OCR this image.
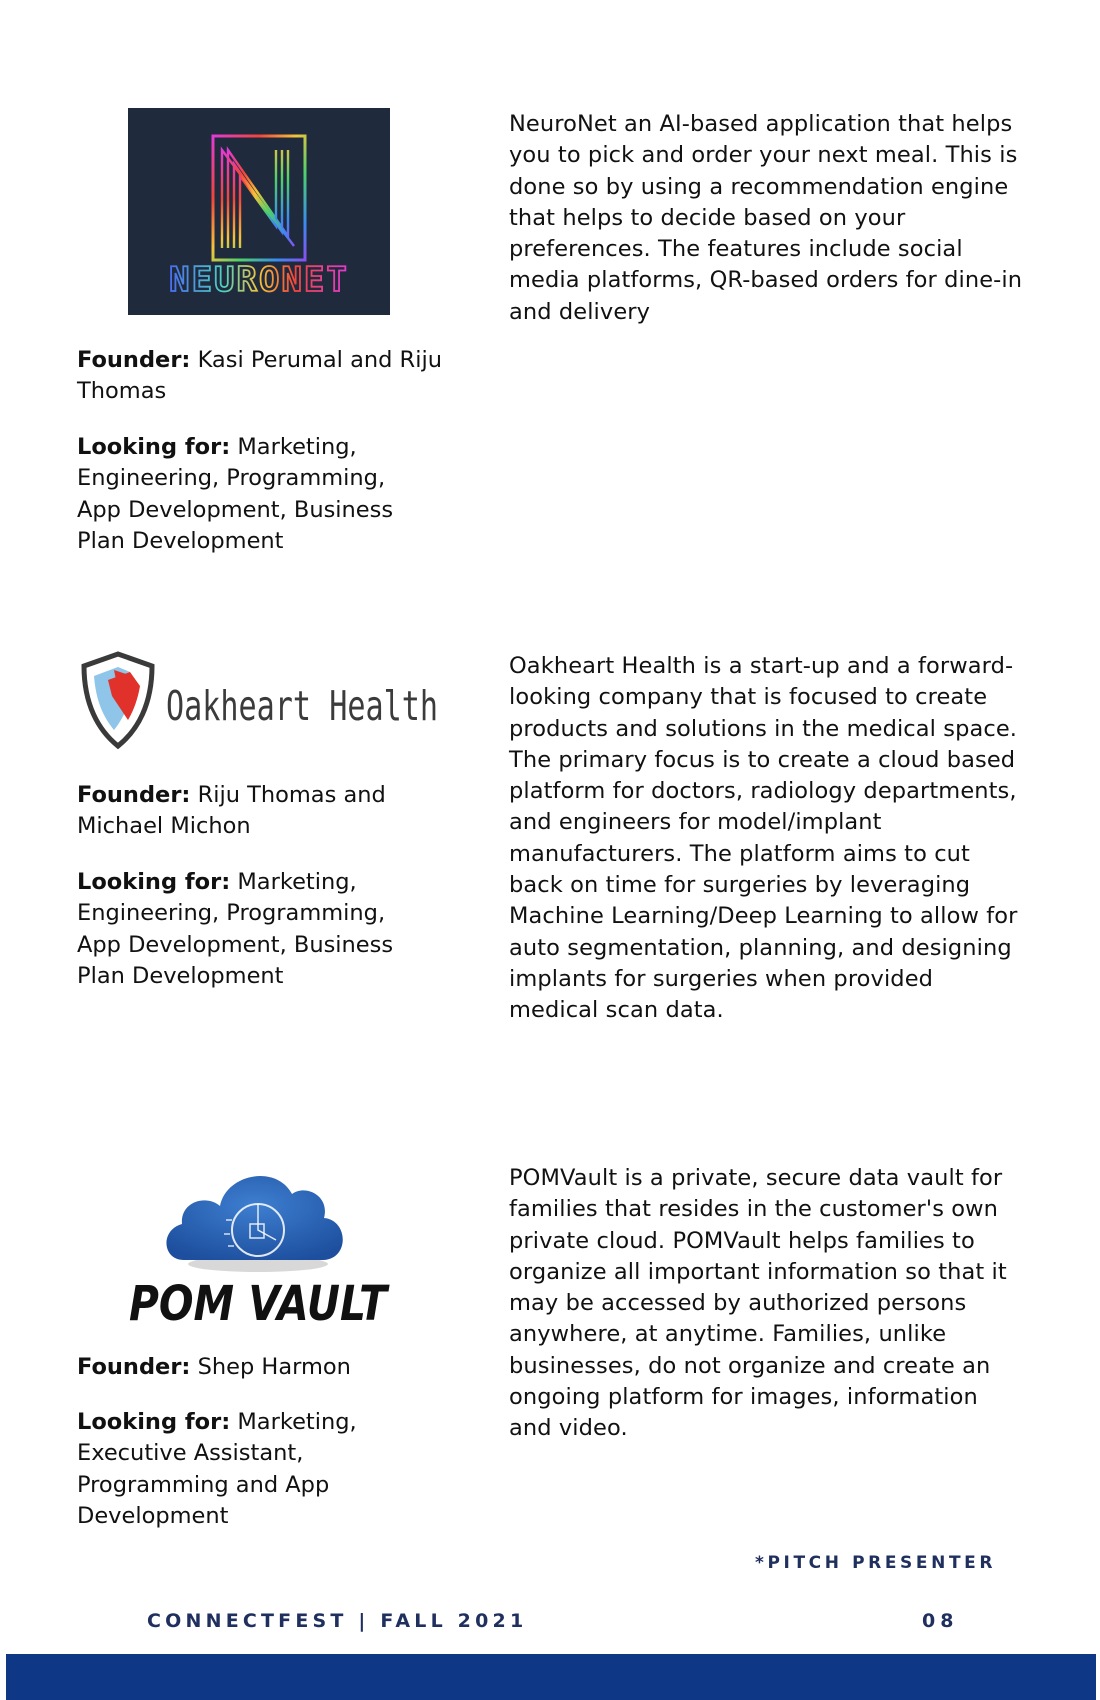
NEURONET

NeuroNet an AI-based application that helps you to pick and order your next meal. This is done so by using a recommendation engine that helps to decide based on your preferences. The features include social media platforms, QR-based orders for dine-in and delivery

Founder: Kasi Perumal and Riju Thomas

Looking for: Marketing, Engineering, Programming, App Development, Business Plan Development

Oakheart Health

Oakheart Health is a start-up and a forward-looking company that is focused to create products and solutions in the medical space. The primary focus is to create a cloud based platform for doctors, radiology departments, and engineers for model/implant manufacturers. The platform aims to cut back on time for surgeries by leveraging Machine Learning/Deep Learning to allow for auto segmentation, planning, and designing implants for surgeries when provided medical scan data.

Founder: Riju Thomas and Michael Michon

Looking for: Marketing, Engineering, Programming, App Development, Business Plan Development

POM VAULT

POMVault is a private, secure data vault for families that resides in the customer's own private cloud. POMVault helps families to organize all important information so that it may be accessed by authorized persons anywhere, at anytime. Families, unlike businesses, do not organize and create an ongoing platform for images, information and video.

Founder: Shep Harmon

Looking for: Marketing, Executive Assistant, Programming and App Development

*PITCH PRESENTER
CONNECTFEST | FALL 2021	08
